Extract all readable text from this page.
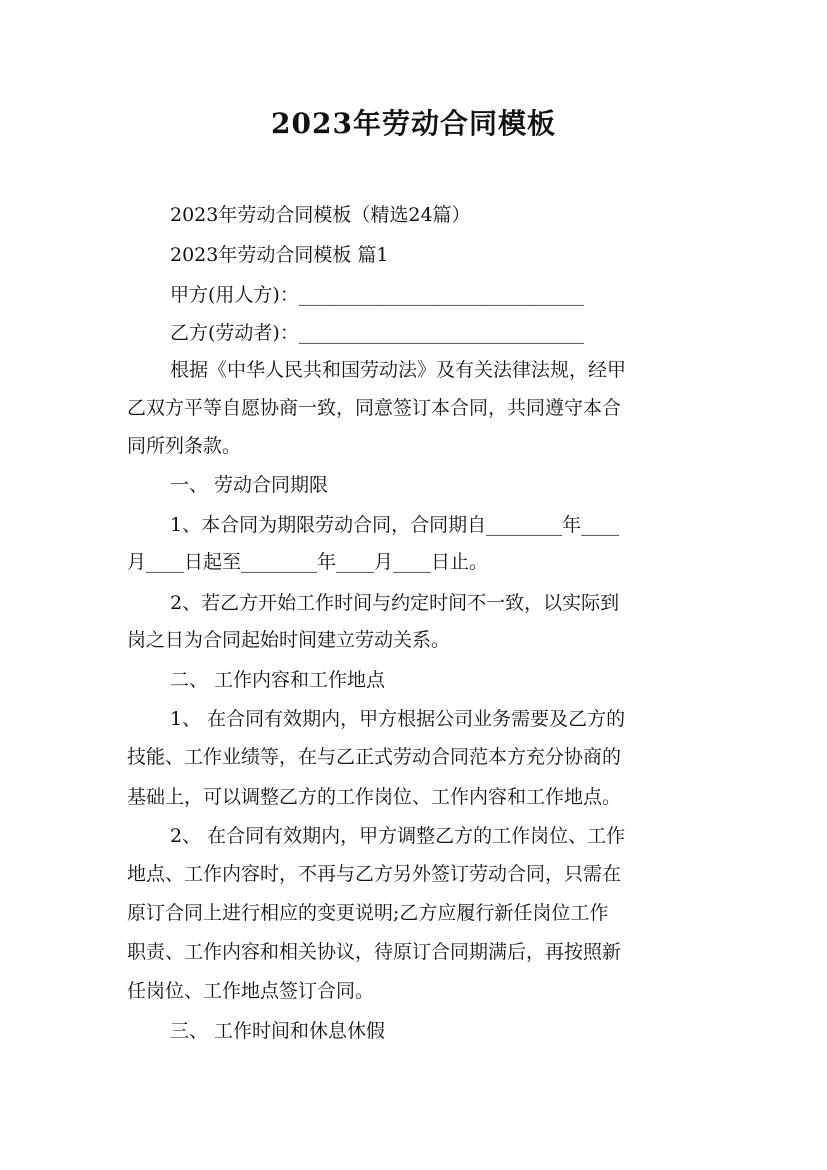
2023年劳动合同模板
2023年劳动合同模板（精选24篇）
2023年劳动合同模板 篇1
甲方(用人方)：______________________________
乙方(劳动者)：______________________________
根据《中华人民共和国劳动法》及有关法律法规，经甲
乙双方平等自愿协商一致，同意签订本合同，共同遵守本合
同所列条款。
一、 劳动合同期限
1、本合同为期限劳动合同，合同期自________年____
月____日起至________年____月____日止。
2、若乙方开始工作时间与约定时间不一致，以实际到
岗之日为合同起始时间建立劳动关系。
二、 工作内容和工作地点
1、 在合同有效期内，甲方根据公司业务需要及乙方的
技能、工作业绩等，在与乙正式劳动合同范本方充分协商的
基础上，可以调整乙方的工作岗位、工作内容和工作地点。
2、 在合同有效期内，甲方调整乙方的工作岗位、工作
地点、工作内容时，不再与乙方另外签订劳动合同，只需在
原订合同上进行相应的变更说明;乙方应履行新任岗位工作
职责、工作内容和相关协议，待原订合同期满后，再按照新
任岗位、工作地点签订合同。
三、 工作时间和休息休假
